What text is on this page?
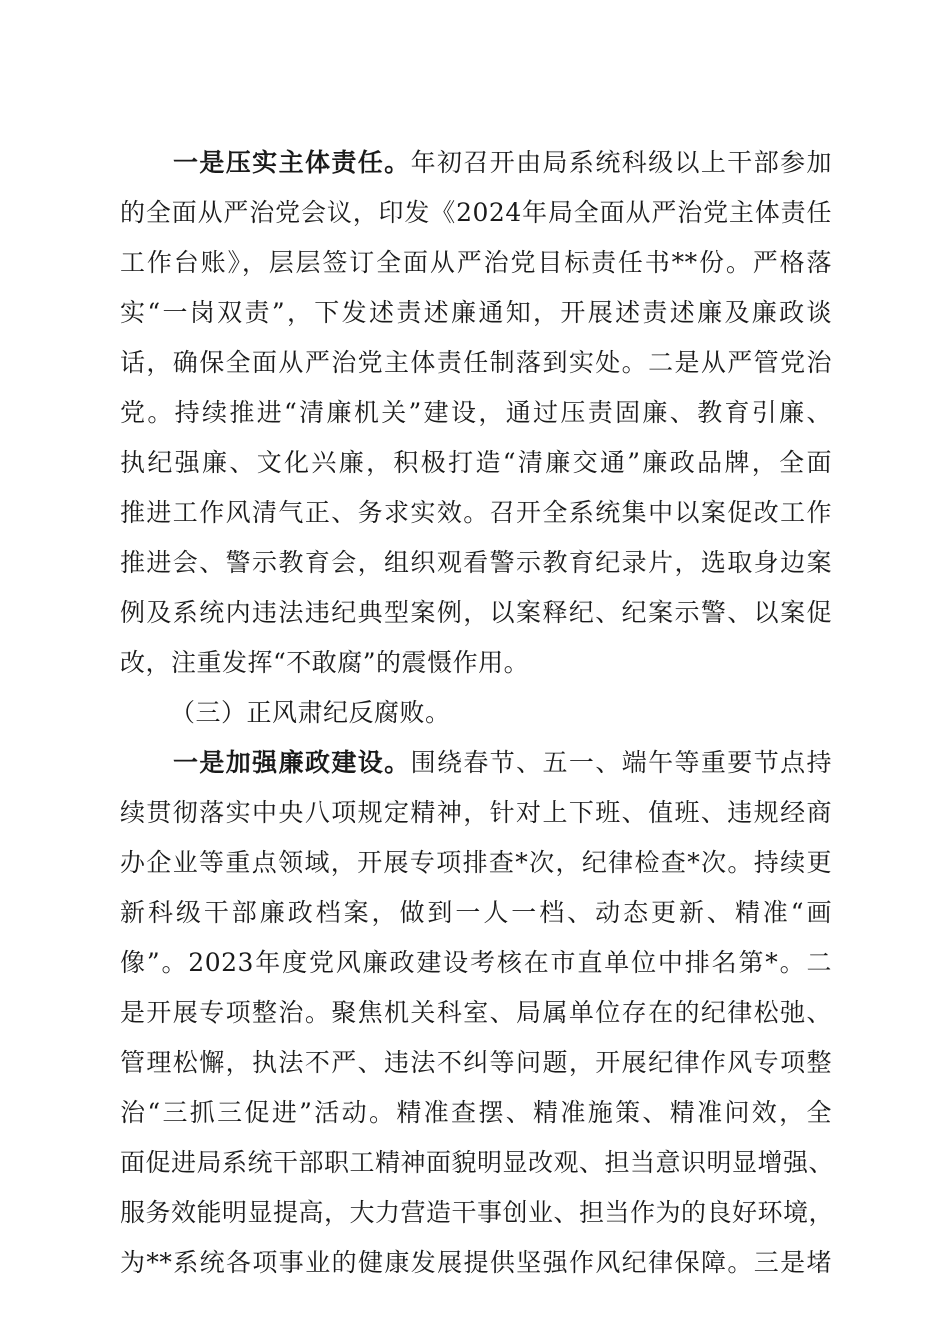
一是压实主体责任。年初召开由局系统科级以上干部参加
的全面从严治党会议，印发《2024年局全面从严治党主体责任
工作台账》，层层签订全面从严治党目标责任书**份。严格落
实“一岗双责”，下发述责述廉通知，开展述责述廉及廉政谈
话，确保全面从严治党主体责任制落到实处。二是从严管党治
党。持续推进“清廉机关”建设，通过压责固廉、教育引廉、
执纪强廉、文化兴廉，积极打造“清廉交通”廉政品牌，全面
推进工作风清气正、务求实效。召开全系统集中以案促改工作
推进会、警示教育会，组织观看警示教育纪录片，选取身边案
例及系统内违法违纪典型案例，以案释纪、纪案示警、以案促
改，注重发挥“不敢腐”的震慑作用。
（三）正风肃纪反腐败。
一是加强廉政建设。围绕春节、五一、端午等重要节点持
续贯彻落实中央八项规定精神，针对上下班、值班、违规经商
办企业等重点领域，开展专项排查*次，纪律检查*次。持续更
新科级干部廉政档案，做到一人一档、动态更新、精准“画
像”。2023年度党风廉政建设考核在市直单位中排名第*。二
是开展专项整治。聚焦机关科室、局属单位存在的纪律松弛、
管理松懈，执法不严、违法不纠等问题，开展纪律作风专项整
治“三抓三促进”活动。精准查摆、精准施策、精准问效，全
面促进局系统干部职工精神面貌明显改观、担当意识明显增强、
服务效能明显提高，大力营造干事创业、担当作为的良好环境，
为**系统各项事业的健康发展提供坚强作风纪律保障。三是堵
